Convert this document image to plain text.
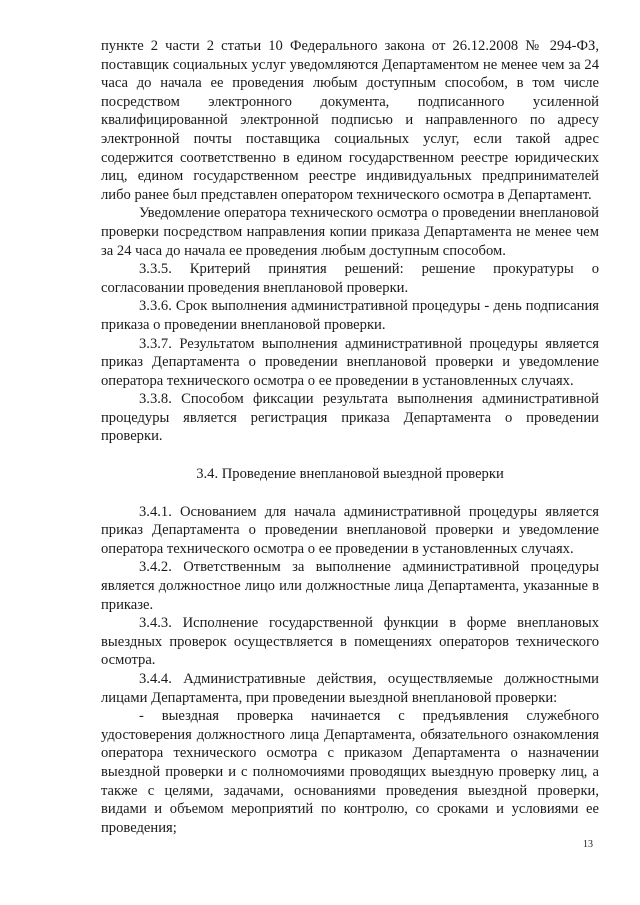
пункте 2 части 2 статьи 10 Федерального закона от 26.12.2008 № 294-ФЗ, поставщик социальных услуг уведомляются Департаментом не менее чем за 24 часа до начала ее проведения любым доступным способом, в том числе посредством электронного документа, подписанного усиленной квалифицированной электронной подписью и направленного по адресу электронной почты поставщика социальных услуг, если такой адрес содержится соответственно в едином государственном реестре юридических лиц, едином государственном реестре индивидуальных предпринимателей либо ранее был представлен оператором технического осмотра в Департамент.

Уведомление оператора технического осмотра о проведении внеплановой проверки посредством направления копии приказа Департамента не менее чем за 24 часа до начала ее проведения любым доступным способом.

3.3.5. Критерий принятия решений: решение прокуратуры о согласовании проведения внеплановой проверки.

3.3.6. Срок выполнения административной процедуры - день подписания приказа о проведении внеплановой проверки.

3.3.7. Результатом выполнения административной процедуры является приказ Департамента о проведении внеплановой проверки и уведомление оператора технического осмотра о ее проведении в установленных случаях.

3.3.8. Способом фиксации результата выполнения административной процедуры является регистрация приказа Департамента о проведении проверки.

3.4. Проведение внеплановой выездной проверки

3.4.1. Основанием для начала административной процедуры является приказ Департамента о проведении внеплановой проверки и уведомление оператора технического осмотра о ее проведении в установленных случаях.

3.4.2. Ответственным за выполнение административной процедуры является должностное лицо или должностные лица Департамента, указанные в приказе.

3.4.3. Исполнение государственной функции в форме внеплановых выездных проверок осуществляется в помещениях операторов технического осмотра.

3.4.4. Административные действия, осуществляемые должностными лицами Департамента, при проведении выездной внеплановой проверки:

- выездная проверка начинается с предъявления служебного удостоверения должностного лица Департамента, обязательного ознакомления оператора технического осмотра с приказом Департамента о назначении выездной проверки и с полномочиями проводящих выездную проверку лиц, а также с целями, задачами, основаниями проведения выездной проверки, видами и объемом мероприятий по контролю, со сроками и условиями ее проведения;

13
